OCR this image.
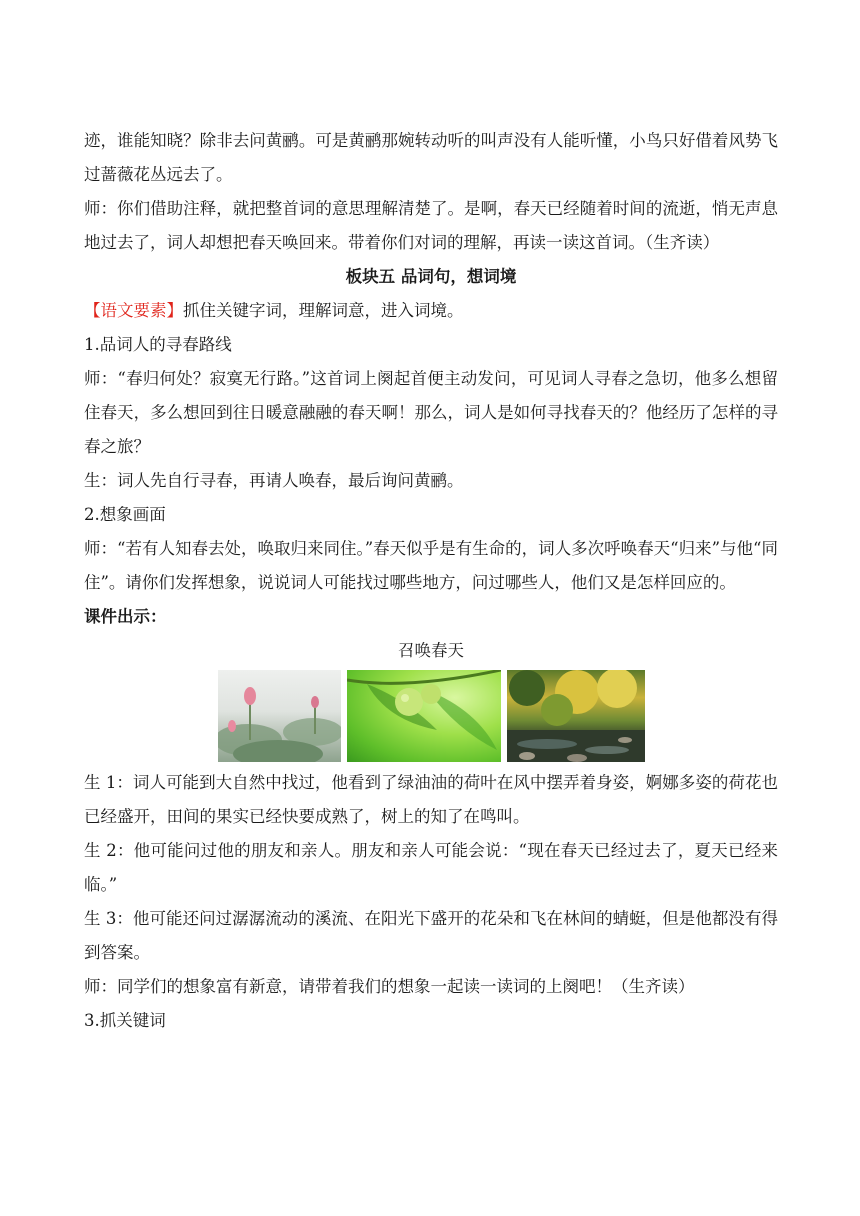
迹，谁能知晓？除非去问黄鹂。可是黄鹂那婉转动听的叫声没有人能听懂，小鸟只好借着风势飞过蔷薇花丛远去了。

师：你们借助注释，就把整首词的意思理解清楚了。是啊，春天已经随着时间的流逝，悄无声息地过去了，词人却想把春天唤回来。带着你们对词的理解，再读一读这首词。（生齐读）

板块五 品词句，想词境

【语文要素】抓住关键字词，理解词意，进入词境。

1.品词人的寻春路线

师：“春归何处？寂寞无行路。”这首词上阕起首便主动发问，可见词人寻春之急切，他多么想留住春天，多么想回到往日暖意融融的春天啊！那么，词人是如何寻找春天的？他经历了怎样的寻春之旅？

生：词人先自行寻春，再请人唤春，最后询问黄鹂。

2.想象画面

师：“若有人知春去处，唤取归来同住。”春天似乎是有生命的，词人多次呼唤春天“归来”与他“同住”。请你们发挥想象，说说词人可能找过哪些地方，问过哪些人，他们又是怎样回应的。

课件出示：

召唤春天

生 1：词人可能到大自然中找过，他看到了绿油油的荷叶在风中摆弄着身姿，婀娜多姿的荷花也已经盛开，田间的果实已经快要成熟了，树上的知了在鸣叫。

生 2：他可能问过他的朋友和亲人。朋友和亲人可能会说：“现在春天已经过去了，夏天已经来临。”

生 3：他可能还问过潺潺流动的溪流、在阳光下盛开的花朵和飞在林间的蜻蜓，但是他都没有得到答案。

师：同学们的想象富有新意，请带着我们的想象一起读一读词的上阕吧！（生齐读）

3.抓关键词
